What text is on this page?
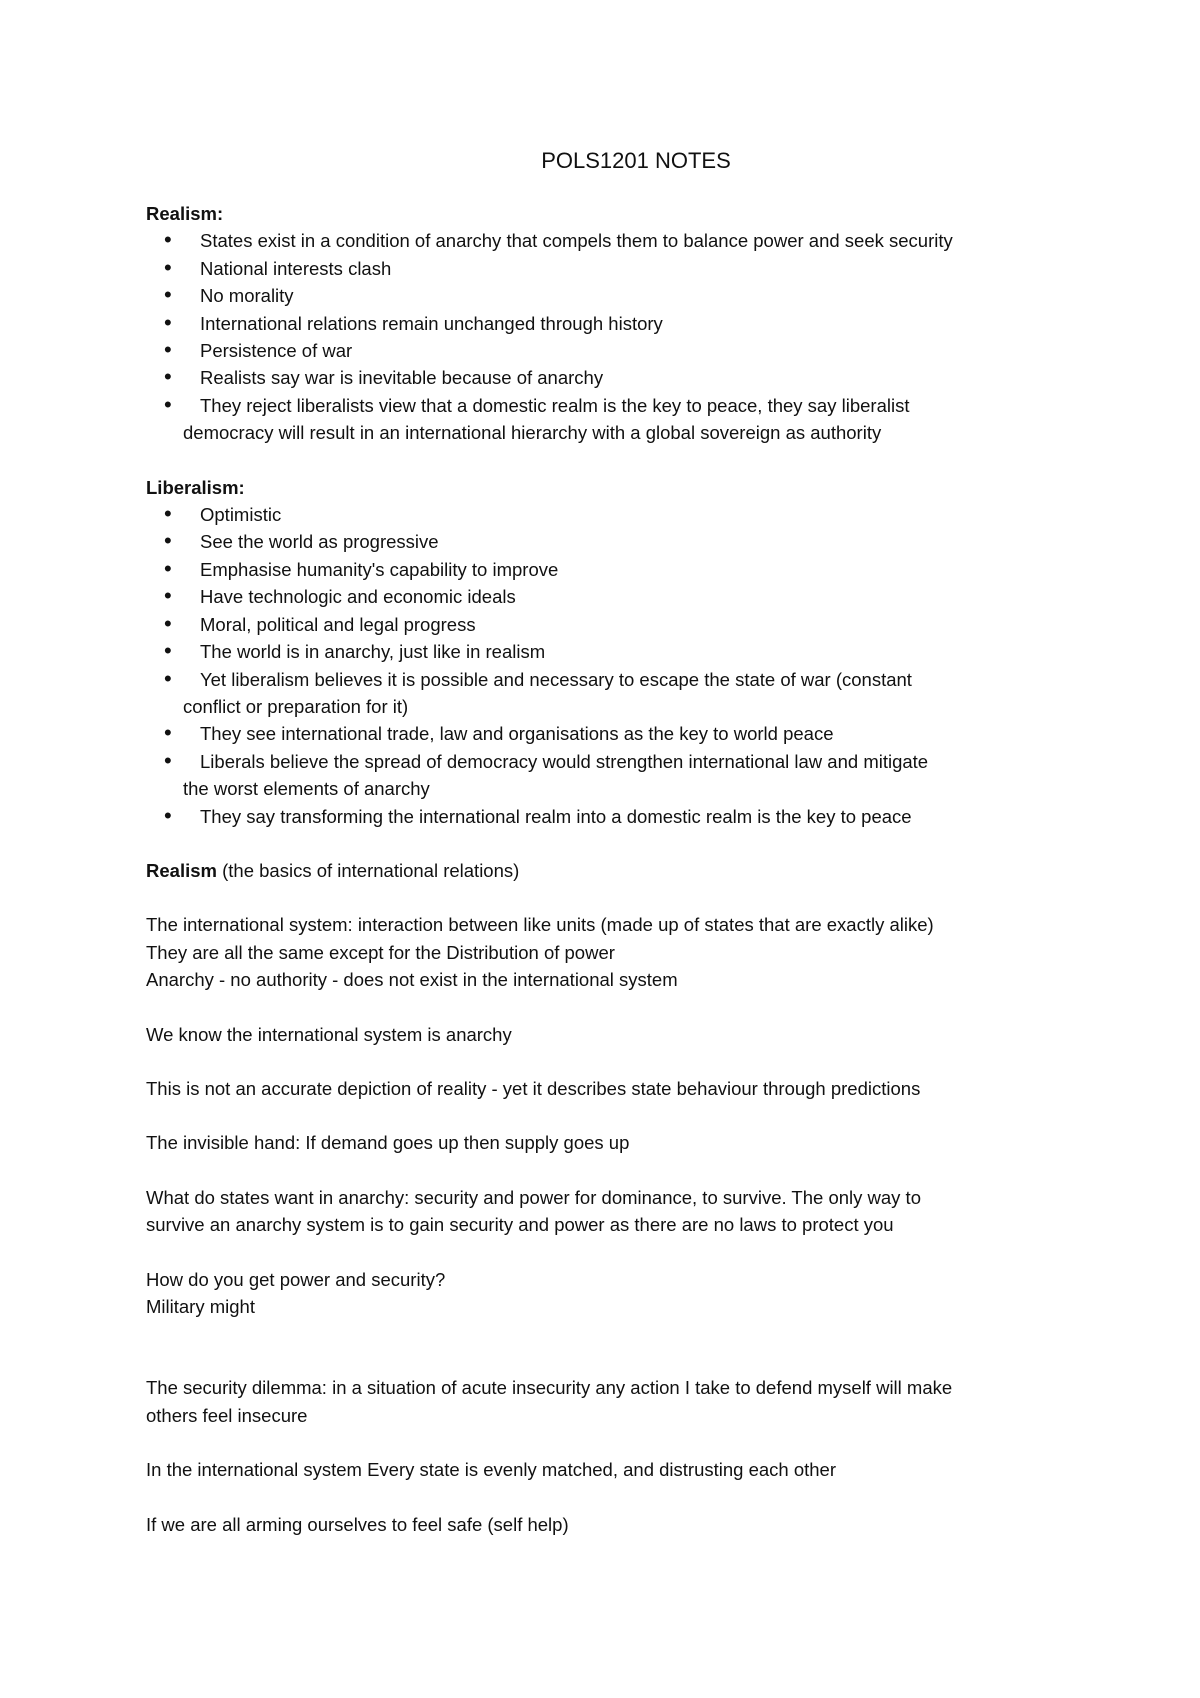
POLS1201 NOTES

Realism:

• States exist in a condition of anarchy that compels them to balance power and seek security
• National interests clash
• No morality
• International relations remain unchanged through history
• Persistence of war
• Realists say war is inevitable because of anarchy
• They reject liberalists view that a domestic realm is the key to peace, they say liberalist
democracy will result in an international hierarchy with a global sovereign as authority

Liberalism:

• Optimistic
• See the world as progressive
• Emphasise humanity's capability to improve
• Have technologic and economic ideals
• Moral, political and legal progress
• The world is in anarchy, just like in realism
• Yet liberalism believes it is possible and necessary to escape the state of war (constant
conflict or preparation for it)
• They see international trade, law and organisations as the key to world peace
• Liberals believe the spread of democracy would strengthen international law and mitigate
the worst elements of anarchy
• They say transforming the international realm into a domestic realm is the key to peace

Realism (the basics of international relations)

The international system: interaction between like units (made up of states that are exactly alike)
They are all the same except for the Distribution of power
Anarchy - no authority - does not exist in the international system

We know the international system is anarchy

This is not an accurate depiction of reality - yet it describes state behaviour through predictions

The invisible hand: If demand goes up then supply goes up

What do states want in anarchy: security and power for dominance, to survive. The only way to
survive an anarchy system is to gain security and power as there are no laws to protect you

How do you get power and security?
Military might

The security dilemma: in a situation of acute insecurity any action I take to defend myself will make
others feel insecure

In the international system Every state is evenly matched, and distrusting each other

If we are all arming ourselves to feel safe (self help)
